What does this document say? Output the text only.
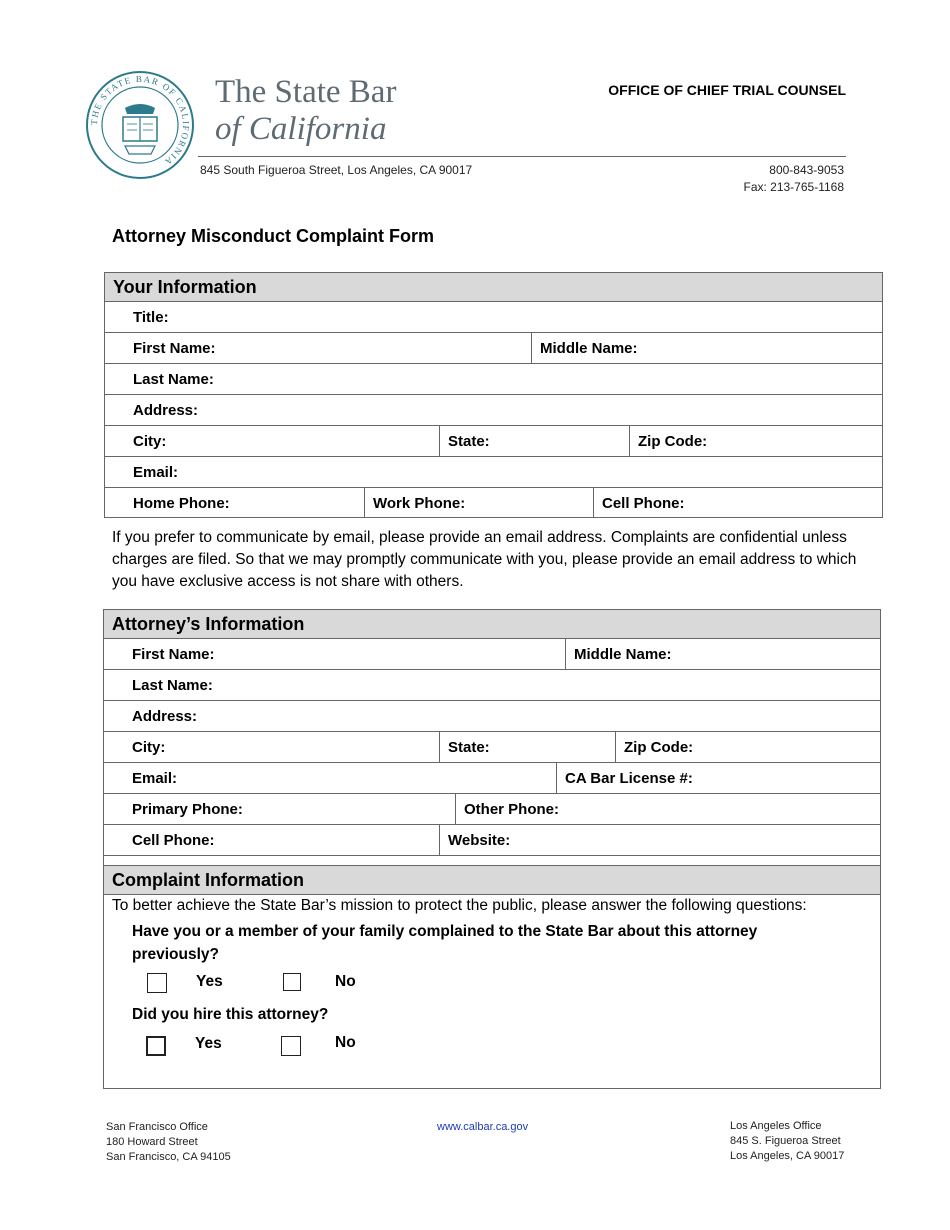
THE STATE BAR OF CALIFORNIA
The State Bar
of California
OFFICE OF CHIEF TRIAL COUNSEL
845 South Figueroa Street, Los Angeles, CA 90017	800-843-9053
Fax: 213-765-1168
Attorney Misconduct Complaint Form
Your Information
Title:
First Name:	Middle Name:
Last Name:
Address:
City:	State:	Zip Code:
Email:
Home Phone:	Work Phone:	Cell Phone:
If you prefer to communicate by email, please provide an email address. Complaints are confidential unless charges are filed. So that we may promptly communicate with you, please provide an email address to which you have exclusive access is not share with others.
Attorney’s Information
First Name:	Middle Name:
Last Name:
Address:
City:	State:	Zip Code:
Email:	CA Bar License #:
Primary Phone:	Other Phone:
Cell Phone:	Website:
Complaint Information
To better achieve the State Bar’s mission to protect the public, please answer the following questions:
Have you or a member of your family complained to the State Bar about this attorney previously?
Yes	No
Did you hire this attorney?
Yes	No
San Francisco Office
180 Howard Street
San Francisco, CA 94105
www.calbar.ca.gov	Los Angeles Office
845 S. Figueroa Street
Los Angeles, CA 90017
